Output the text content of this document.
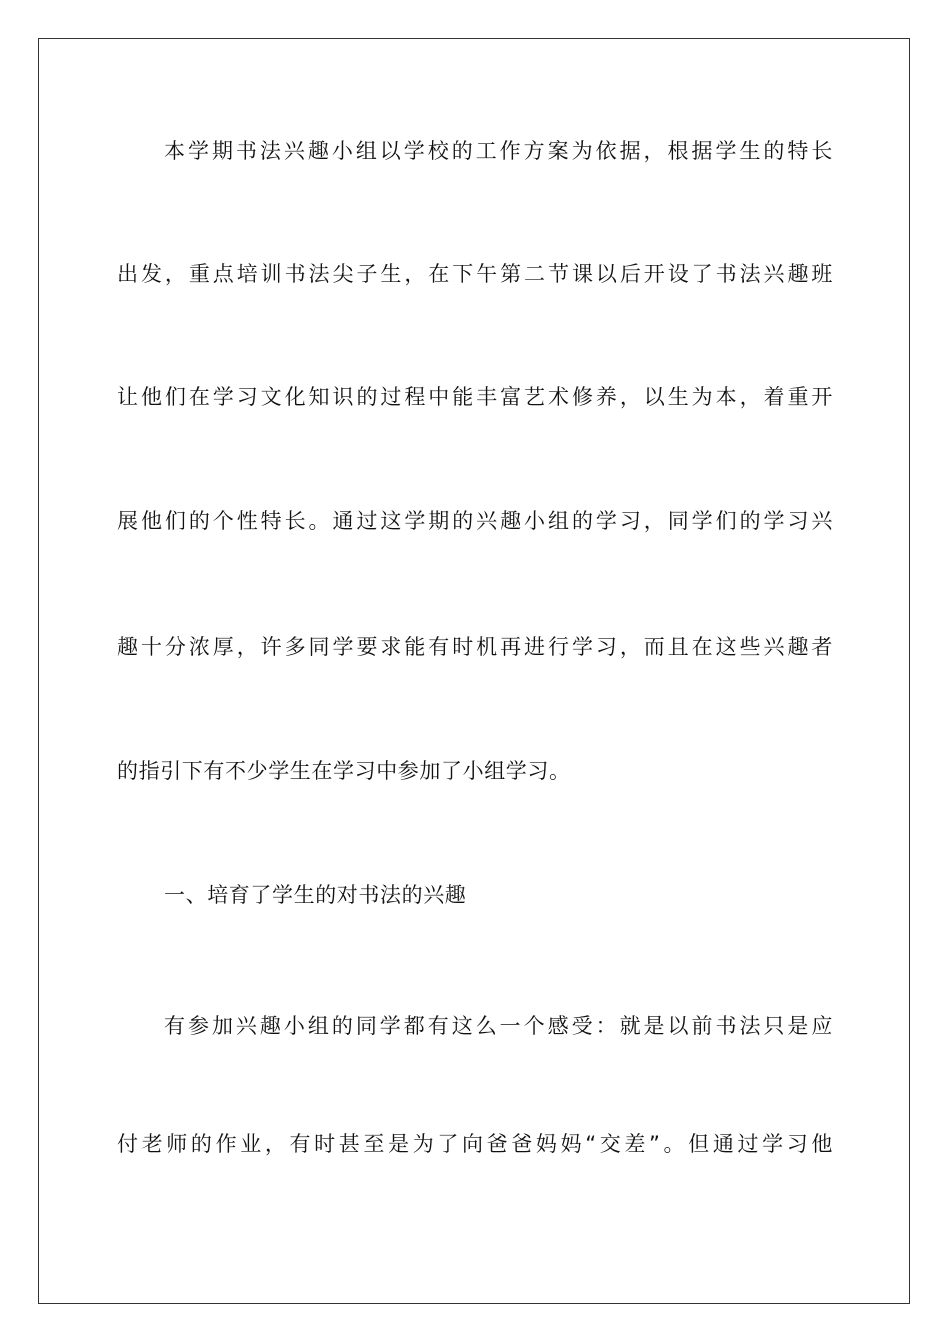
本学期书法兴趣小组以学校的工作方案为依据，根据学生的特长
出发，重点培训书法尖子生，在下午第二节课以后开设了书法兴趣班
让他们在学习文化知识的过程中能丰富艺术修养，以生为本，着重开
展他们的个性特长。通过这学期的兴趣小组的学习，同学们的学习兴
趣十分浓厚，许多同学要求能有时机再进行学习，而且在这些兴趣者
的指引下有不少学生在学习中参加了小组学习。
一、培育了学生的对书法的兴趣
有参加兴趣小组的同学都有这么一个感受：就是以前书法只是应
付老师的作业，有时甚至是为了向爸爸妈妈“交差”。但通过学习他
